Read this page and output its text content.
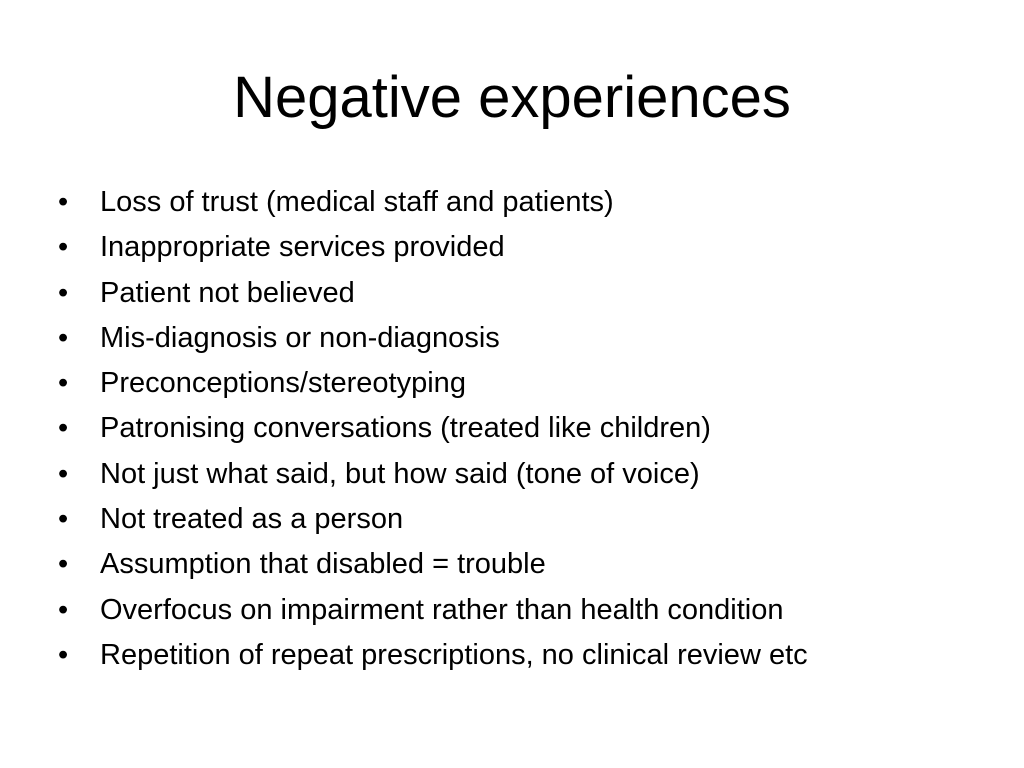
Negative experiences
•	Loss of trust (medical staff and patients)
•	Inappropriate services provided
•	Patient not believed
•	Mis-diagnosis or non-diagnosis
•	Preconceptions/stereotyping
•	Patronising conversations (treated like children)
•	Not just what said, but how said (tone of voice)
•	Not treated as a person
•	Assumption that disabled = trouble
•	Overfocus on impairment rather than health condition
•	Repetition of repeat prescriptions, no clinical review etc
